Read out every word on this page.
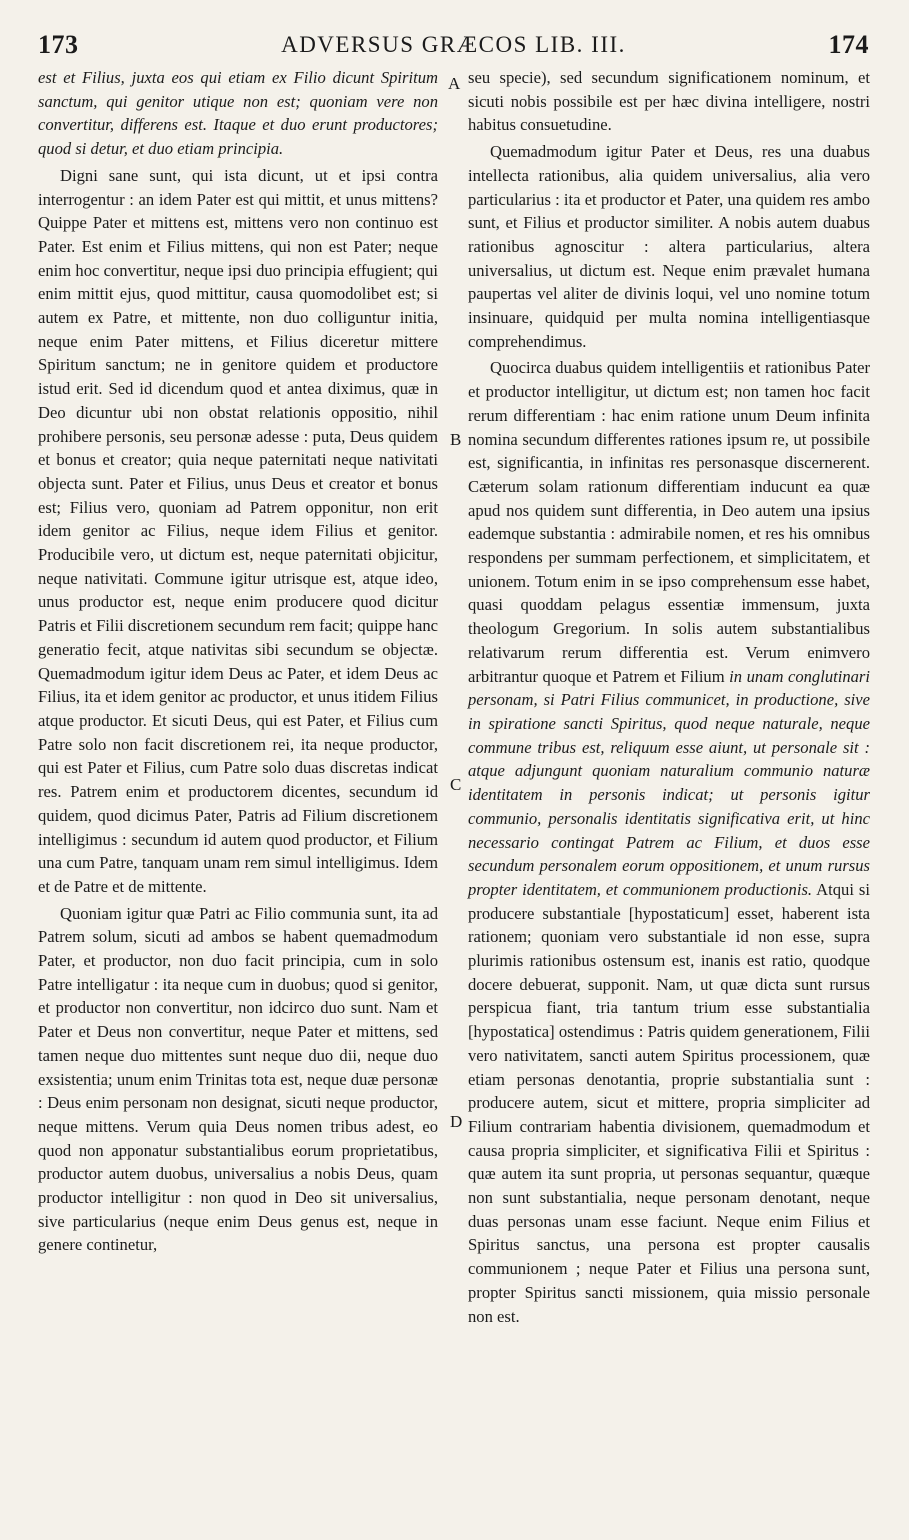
173	ADVERSUS GRÆCOS LIB. III.	174

est et Filius, juxta eos qui etiam ex Filio dicunt Spiritum sanctum, qui genitor utique non est; quoniam vere non convertitur, differens est. Itaque et duo erunt productores; quod si detur, et duo etiam principia.

Digni sane sunt, qui ista dicunt, ut et ipsi contra interrogentur : an idem Pater est qui mittit, et unus mittens? Quippe Pater et mittens est, mittens vero non continuo est Pater. Est enim et Filius mittens, qui non est Pater; neque enim hoc convertitur, neque ipsi duo principia effugient; qui enim mittit ejus, quod mittitur, causa quomodolibet est; si autem ex Patre, et mittente, non duo colliguntur initia, neque enim Pater mittens, et Filius diceretur mittere Spiritum sanctum; ne in genitore quidem et productore istud erit. Sed id dicendum quod et antea diximus, quæ in Deo dicuntur ubi non obstat relationis oppositio, nihil prohibere personis, seu personæ adesse : puta, Deus quidem et bonus et creator; quia neque paternitati neque nativitati objecta sunt. Pater et Filius, unus Deus et creator et bonus est; Filius vero, quoniam ad Patrem opponitur, non erit idem genitor ac Filius, neque idem Filius et genitor. Producibile vero, ut dictum est, neque paternitati objicitur, neque nativitati. Commune igitur utrisque est, atque ideo, unus productor est, neque enim producere quod dicitur Patris et Filii discretionem secundum rem facit; quippe hanc generatio fecit, atque nativitas sibi secundum se objectæ. Quemadmodum igitur idem Deus ac Pater, et idem Deus ac Filius, ita et idem genitor ac productor, et unus itidem Filius atque productor. Et sicuti Deus, qui est Pater, et Filius cum Patre solo non facit discretionem rei, ita neque productor, qui est Pater et Filius, cum Patre solo duas discretas indicat res. Patrem enim et productorem dicentes, secundum id quidem, quod dicimus Pater, Patris ad Filium discretionem intelligimus : secundum id autem quod productor, et Filium una cum Patre, tanquam unam rem simul intelligimus. Idem et de Patre et de mittente.

Quoniam igitur quæ Patri ac Filio communia sunt, ita ad Patrem solum, sicuti ad ambos se habent quemadmodum Pater, et productor, non duo facit principia, cum in solo Patre intelligatur : ita neque cum in duobus; quod si genitor, et productor non convertitur, non idcirco duo sunt. Nam et Pater et Deus non convertitur, neque Pater et mittens, sed tamen neque duo mittentes sunt neque duo dii, neque duo exsistentia; unum enim Trinitas tota est, neque duæ personæ : Deus enim personam non designat, sicuti neque productor, neque mittens. Verum quia Deus nomen tribus adest, eo quod non apponatur substantialibus eorum proprietatibus, productor autem duobus, universalius a nobis Deus, quam productor intelligitur : non quod in Deo sit universalius, sive particularius (neque enim Deus genus est, neque in genere continetur,

A
B
C
D

seu specie), sed secundum significationem nominum, et sicuti nobis possibile est per hæc divina intelligere, nostri habitus consuetudine.

Quemadmodum igitur Pater et Deus, res una duabus intellecta rationibus, alia quidem universalius, alia vero particularius : ita et productor et Pater, una quidem res ambo sunt, et Filius et productor similiter. A nobis autem duabus rationibus agnoscitur : altera particularius, altera universalius, ut dictum est. Neque enim prævalet humana paupertas vel aliter de divinis loqui, vel uno nomine totum insinuare, quidquid per multa nomina intelligentiasque comprehendimus.

Quocirca duabus quidem intelligentiis et rationibus Pater et productor intelligitur, ut dictum est; non tamen hoc facit rerum differentiam : hac enim ratione unum Deum infinita nomina secundum differentes rationes ipsum re, ut possibile est, significantia, in infinitas res personasque discernerent. Cæterum solam rationum differentiam inducunt ea quæ apud nos quidem sunt differentia, in Deo autem una ipsius eademque substantia : admirabile nomen, et res his omnibus respondens per summam perfectionem, et simplicitatem, et unionem. Totum enim in se ipso comprehensum esse habet, quasi quoddam pelagus essentiæ immensum, juxta theologum Gregorium. In solis autem substantialibus relativarum rerum differentia est. Verum enimvero arbitrantur quoque et Patrem et Filium in unam conglutinari personam, si Patri Filius communicet, in productione, sive in spiratione sancti Spiritus, quod neque naturale, neque commune tribus est, reliquum esse aiunt, ut personale sit : atque adjungunt quoniam naturalium communio naturæ identitatem in personis indicat; ut personis igitur communio, personalis identitatis significativa erit, ut hinc necessario contingat Patrem ac Filium, et duos esse secundum personalem eorum oppositionem, et unum rursus propter identitatem, et communionem productionis. Atqui si producere substantiale [hypostaticum] esset, haberent ista rationem; quoniam vero substantiale id non esse, supra plurimis rationibus ostensum est, inanis est ratio, quodque docere debuerat, supponit. Nam, ut quæ dicta sunt rursus perspicua fiant, tria tantum trium esse substantialia [hypostatica] ostendimus : Patris quidem generationem, Filii vero nativitatem, sancti autem Spiritus processionem, quæ etiam personas denotantia, proprie substantialia sunt : producere autem, sicut et mittere, propria simpliciter ad Filium contrariam habentia divisionem, quemadmodum et causa propria simpliciter, et significativa Filii et Spiritus : quæ autem ita sunt propria, ut personas sequantur, quæque non sunt substantialia, neque personam denotant, neque duas personas unam esse faciunt. Neque enim Filius et Spiritus sanctus, una persona est propter causalis communionem ; neque Pater et Filius una persona sunt, propter Spiritus sancti missionem, quia missio personale non est.
